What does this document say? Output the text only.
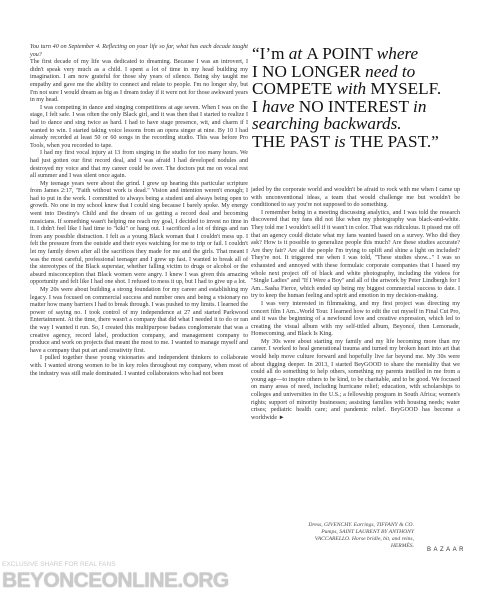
You turn 40 on September 4. Reflecting on your life so far, what has each decade taught you?

The first decade of my life was dedicated to dreaming. Because I was an introvert, I didn't speak very much as a child. I spent a lot of time in my head building my imagination. I am now grateful for those shy years of silence. Being shy taught me empathy and gave me the ability to connect and relate to people. I'm no longer shy, but I'm not sure I would dream as big as I dream today if it were not for those awkward years in my head.

I was competing in dance and singing competitions at age seven. When I was on the stage, I felt safe. I was often the only Black girl, and it was then that I started to realize I had to dance and sing twice as hard. I had to have stage presence, wit, and charm if I wanted to win. I started taking voice lessons from an opera singer at nine. By 10 I had already recorded at least 50 or 60 songs in the recording studio. This was before Pro Tools, when you recorded to tape.

I had my first vocal injury at 13 from singing in the studio for too many hours. We had just gotten our first record deal, and I was afraid I had developed nodules and destroyed my voice and that my career could be over. The doctors put me on vocal rest all summer and I was silent once again.

My teenage years were about the grind. I grew up hearing this particular scripture from James 2:17, "Faith without work is dead." Vision and intention weren't enough; I had to put in the work. I committed to always being a student and always being open to growth. No one in my school knew that I could sing because I barely spoke. My energy went into Destiny's Child and the dream of us getting a record deal and becoming musicians. If something wasn't helping me reach my goal, I decided to invest no time in it. I didn't feel like I had time to "kiki" or hang out. I sacrificed a lot of things and ran from any possible distraction. I felt as a young Black woman that I couldn't mess up. I felt the pressure from the outside and their eyes watching for me to trip or fail. I couldn't let my family down after all the sacrifices they made for me and the girls. That meant I was the most careful, professional teenager and I grew up fast. I wanted to break all of the stereotypes of the Black superstar, whether falling victim to drugs or alcohol or the absurd misconception that Black women were angry. I knew I was given this amazing opportunity and felt like I had one shot. I refused to mess it up, but I had to give up a lot.

My 20s were about building a strong foundation for my career and establishing my legacy. I was focused on commercial success and number ones and being a visionary no matter how many barriers I had to break through. I was pushed to my limits. I learned the power of saying no. I took control of my independence at 27 and started Parkwood Entertainment. At the time, there wasn't a company that did what I needed it to do or ran the way I wanted it run. So, I created this multipurpose badass conglomerate that was a creative agency, record label, production company, and management company to produce and work on projects that meant the most to me. I wanted to manage myself and have a company that put art and creativity first.

I pulled together these young visionaries and independent thinkers to collaborate with. I wanted strong women to be in key roles throughout my company, when most of the industry was still male dominated. I wanted collaborators who had not been

“I’m at A POINT where
I NO LONGER need to
COMPETE with MYSELF.
I have NO INTEREST in
searching backwards.
THE PAST is THE PAST.”

jaded by the corporate world and wouldn't be afraid to rock with me when I came up with unconventional ideas, a team that would challenge me but wouldn't be conditioned to say you're not supposed to do something.

I remember being in a meeting discussing analytics, and I was told the research discovered that my fans did not like when my photography was black-and-white. They told me I wouldn't sell if it wasn't in color. That was ridiculous. It pissed me off that an agency could dictate what my fans wanted based on a survey. Who did they ask? How is it possible to generalize people this much? Are these studies accurate? Are they fair? Are all the people I'm trying to uplift and shine a light on included? They're not. It triggered me when I was told, "These studies show..." I was so exhausted and annoyed with these formulaic corporate companies that I based my whole next project off of black and white photography, including the videos for "Single Ladies" and "If I Were a Boy" and all of the artwork by Peter Lindbergh for I Am...Sasha Fierce, which ended up being my biggest commercial success to date. I try to keep the human feeling and spirit and emotion in my decision-making.

I was very interested in filmmaking, and my first project was directing my concert film I Am...World Tour. I learned how to edit the cut myself in Final Cut Pro, and it was the beginning of a newfound love and creative expression, which led to creating the visual album with my self-titled album, Beyoncé, then Lemonade, Homecoming, and Black Is King.

My 30s were about starting my family and my life becoming more than my career. I worked to heal generational trauma and turned my broken heart into art that would help move culture forward and hopefully live far beyond me. My 30s were about digging deeper. In 2013, I started BeyGOOD to share the mentality that we could all do something to help others, something my parents instilled in me from a young age—to inspire others to be kind, to be charitable, and to be good. We focused on many areas of need, including hurricane relief; education, with scholarships to colleges and universities in the U.S.; a fellowship program in South Africa; women's rights; support of minority businesses; assisting families with housing needs; water crises; pediatric health care; and pandemic relief. BeyGOOD has become a worldwide ►

Dress, GIVENCHY. Earrings, TIFFANY & CO. Pumps, SAINT LAURENT BY ANTHONY VACCARELLO. Horse bridle, bit, and reins, HERMÈS.

BAZAAR
EXCLUSIVE SHARE FOR REAL FANS
BEYONCEONLINE.ORG
